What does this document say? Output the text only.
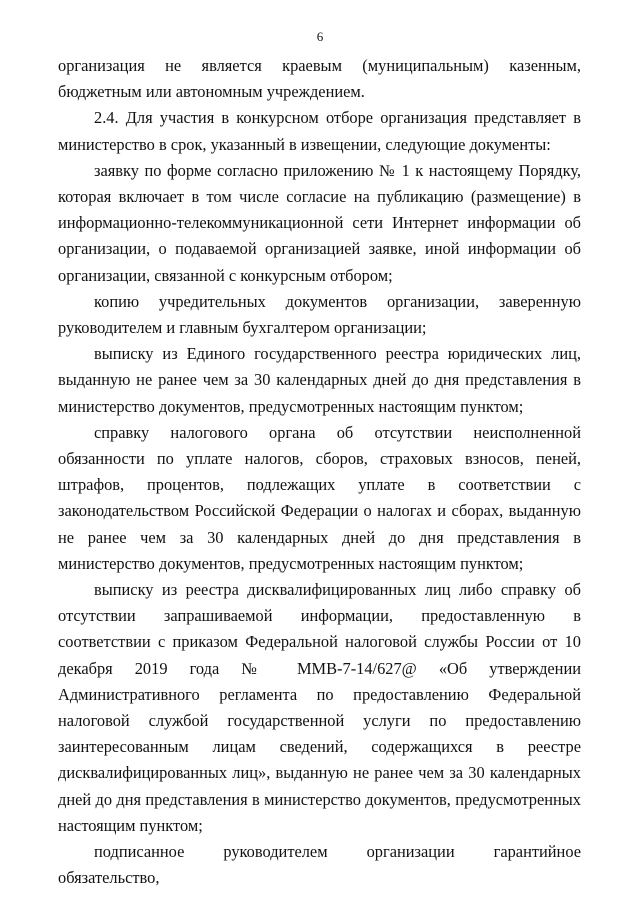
6

организация не является краевым (муниципальным) казенным, бюджетным или автономным учреждением.

2.4. Для участия в конкурсном отборе организация представляет в министерство в срок, указанный в извещении, следующие документы:

заявку по форме согласно приложению № 1 к настоящему Порядку, которая включает в том числе согласие на публикацию (размещение) в информационно-телекоммуникационной сети Интернет информации об организации, о подаваемой организацией заявке, иной информации об организации, связанной с конкурсным отбором;

копию учредительных документов организации, заверенную руководителем и главным бухгалтером организации;

выписку из Единого государственного реестра юридических лиц, выданную не ранее чем за 30 календарных дней до дня представления в министерство документов, предусмотренных настоящим пунктом;

справку налогового органа об отсутствии неисполненной обязанности по уплате налогов, сборов, страховых взносов, пеней, штрафов, процентов, подлежащих уплате в соответствии с законодательством Российской Федерации о налогах и сборах, выданную не ранее чем за 30 календарных дней до дня представления в министерство документов, предусмотренных настоящим пунктом;

выписку из реестра дисквалифицированных лиц либо справку об отсутствии запрашиваемой информации, предоставленную в соответствии с приказом Федеральной налоговой службы России от 10 декабря 2019 года № ММВ-7-14/627@ «Об утверждении Административного регламента по предоставлению Федеральной налоговой службой государственной услуги по предоставлению заинтересованным лицам сведений, содержащихся в реестре дисквалифицированных лиц», выданную не ранее чем за 30 календарных дней до дня представления в министерство документов, предусмотренных настоящим пунктом;

подписанное руководителем организации гарантийное обязательство,
